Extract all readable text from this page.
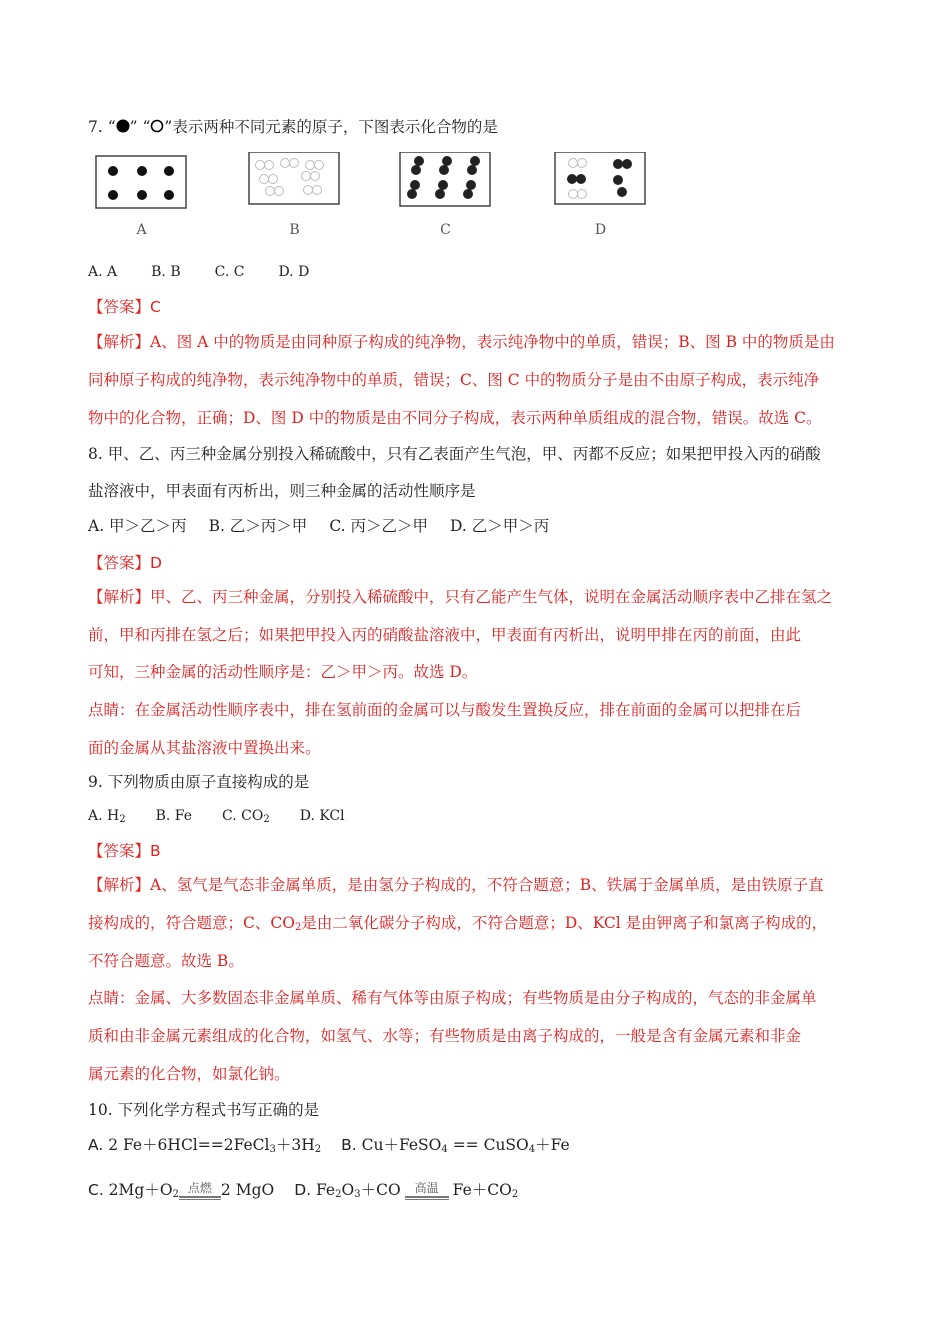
7. “ ” “ ”表示两种不同元素的原子，下图表示化合物的是
A	B	C	D
A. A B. B C. C D. D
【答案】C
【解析】A、图 A 中的物质是由同种原子构成的纯净物，表示纯净物中的单质，错误；B、图 B 中的物质是由
同种原子构成的纯净物，表示纯净物中的单质，错误；C、图 C 中的物质分子是由不由原子构成，表示纯净
物中的化合物，正确；D、图 D 中的物质是由不同分子构成，表示两种单质组成的混合物，错误。故选 C。
8. 甲、乙、丙三种金属分别投入稀硫酸中，只有乙表面产生气泡，甲、丙都不反应；如果把甲投入丙的硝酸
盐溶液中，甲表面有丙析出，则三种金属的活动性顺序是
A. 甲＞乙＞丙 B. 乙＞丙＞甲 C. 丙＞乙＞甲 D. 乙＞甲＞丙
【答案】D
【解析】甲、乙、丙三种金属，分别投入稀硫酸中，只有乙能产生气体，说明在金属活动顺序表中乙排在氢之
前，甲和丙排在氢之后；如果把甲投入丙的硝酸盐溶液中，甲表面有丙析出，说明甲排在丙的前面，由此
可知，三种金属的活动性顺序是：乙＞甲＞丙。故选 D。
点睛：在金属活动性顺序表中，排在氢前面的金属可以与酸发生置换反应，排在前面的金属可以把排在后
面的金属从其盐溶液中置换出来。
9. 下列物质由原子直接构成的是
A. $H_2$ B. Fe C. $CO_2$ D. KCl
【答案】B
【解析】A、氢气是气态非金属单质，是由氢分子构成的，不符合题意；B、铁属于金属单质，是由铁原子直
接构成的，符合题意；C、$CO_2$是由二氧化碳分子构成，不符合题意；D、KCl 是由钾离子和氯离子构成的，
不符合题意。故选 B。
点睛：金属、大多数固态非金属单质、稀有气体等由原子构成；有些物质是由分子构成的，气态的非金属单
质和由非金属元素组成的化合物，如氢气、水等；有些物质是由离子构成的，一般是含有金属元素和非金
属元素的化合物，如氯化钠。
10. 下列化学方程式书写正确的是
A. 2 $Fe+6HCl==2FeCl_3+3H_2$ B. Cu＋FeSO$_4$ == CuSO$_4$＋Fe
C. $2Mg+O_2$ 点燃 2 MgO D. $Fe_2O_3+CO$	高温 $Fe+CO_2$
